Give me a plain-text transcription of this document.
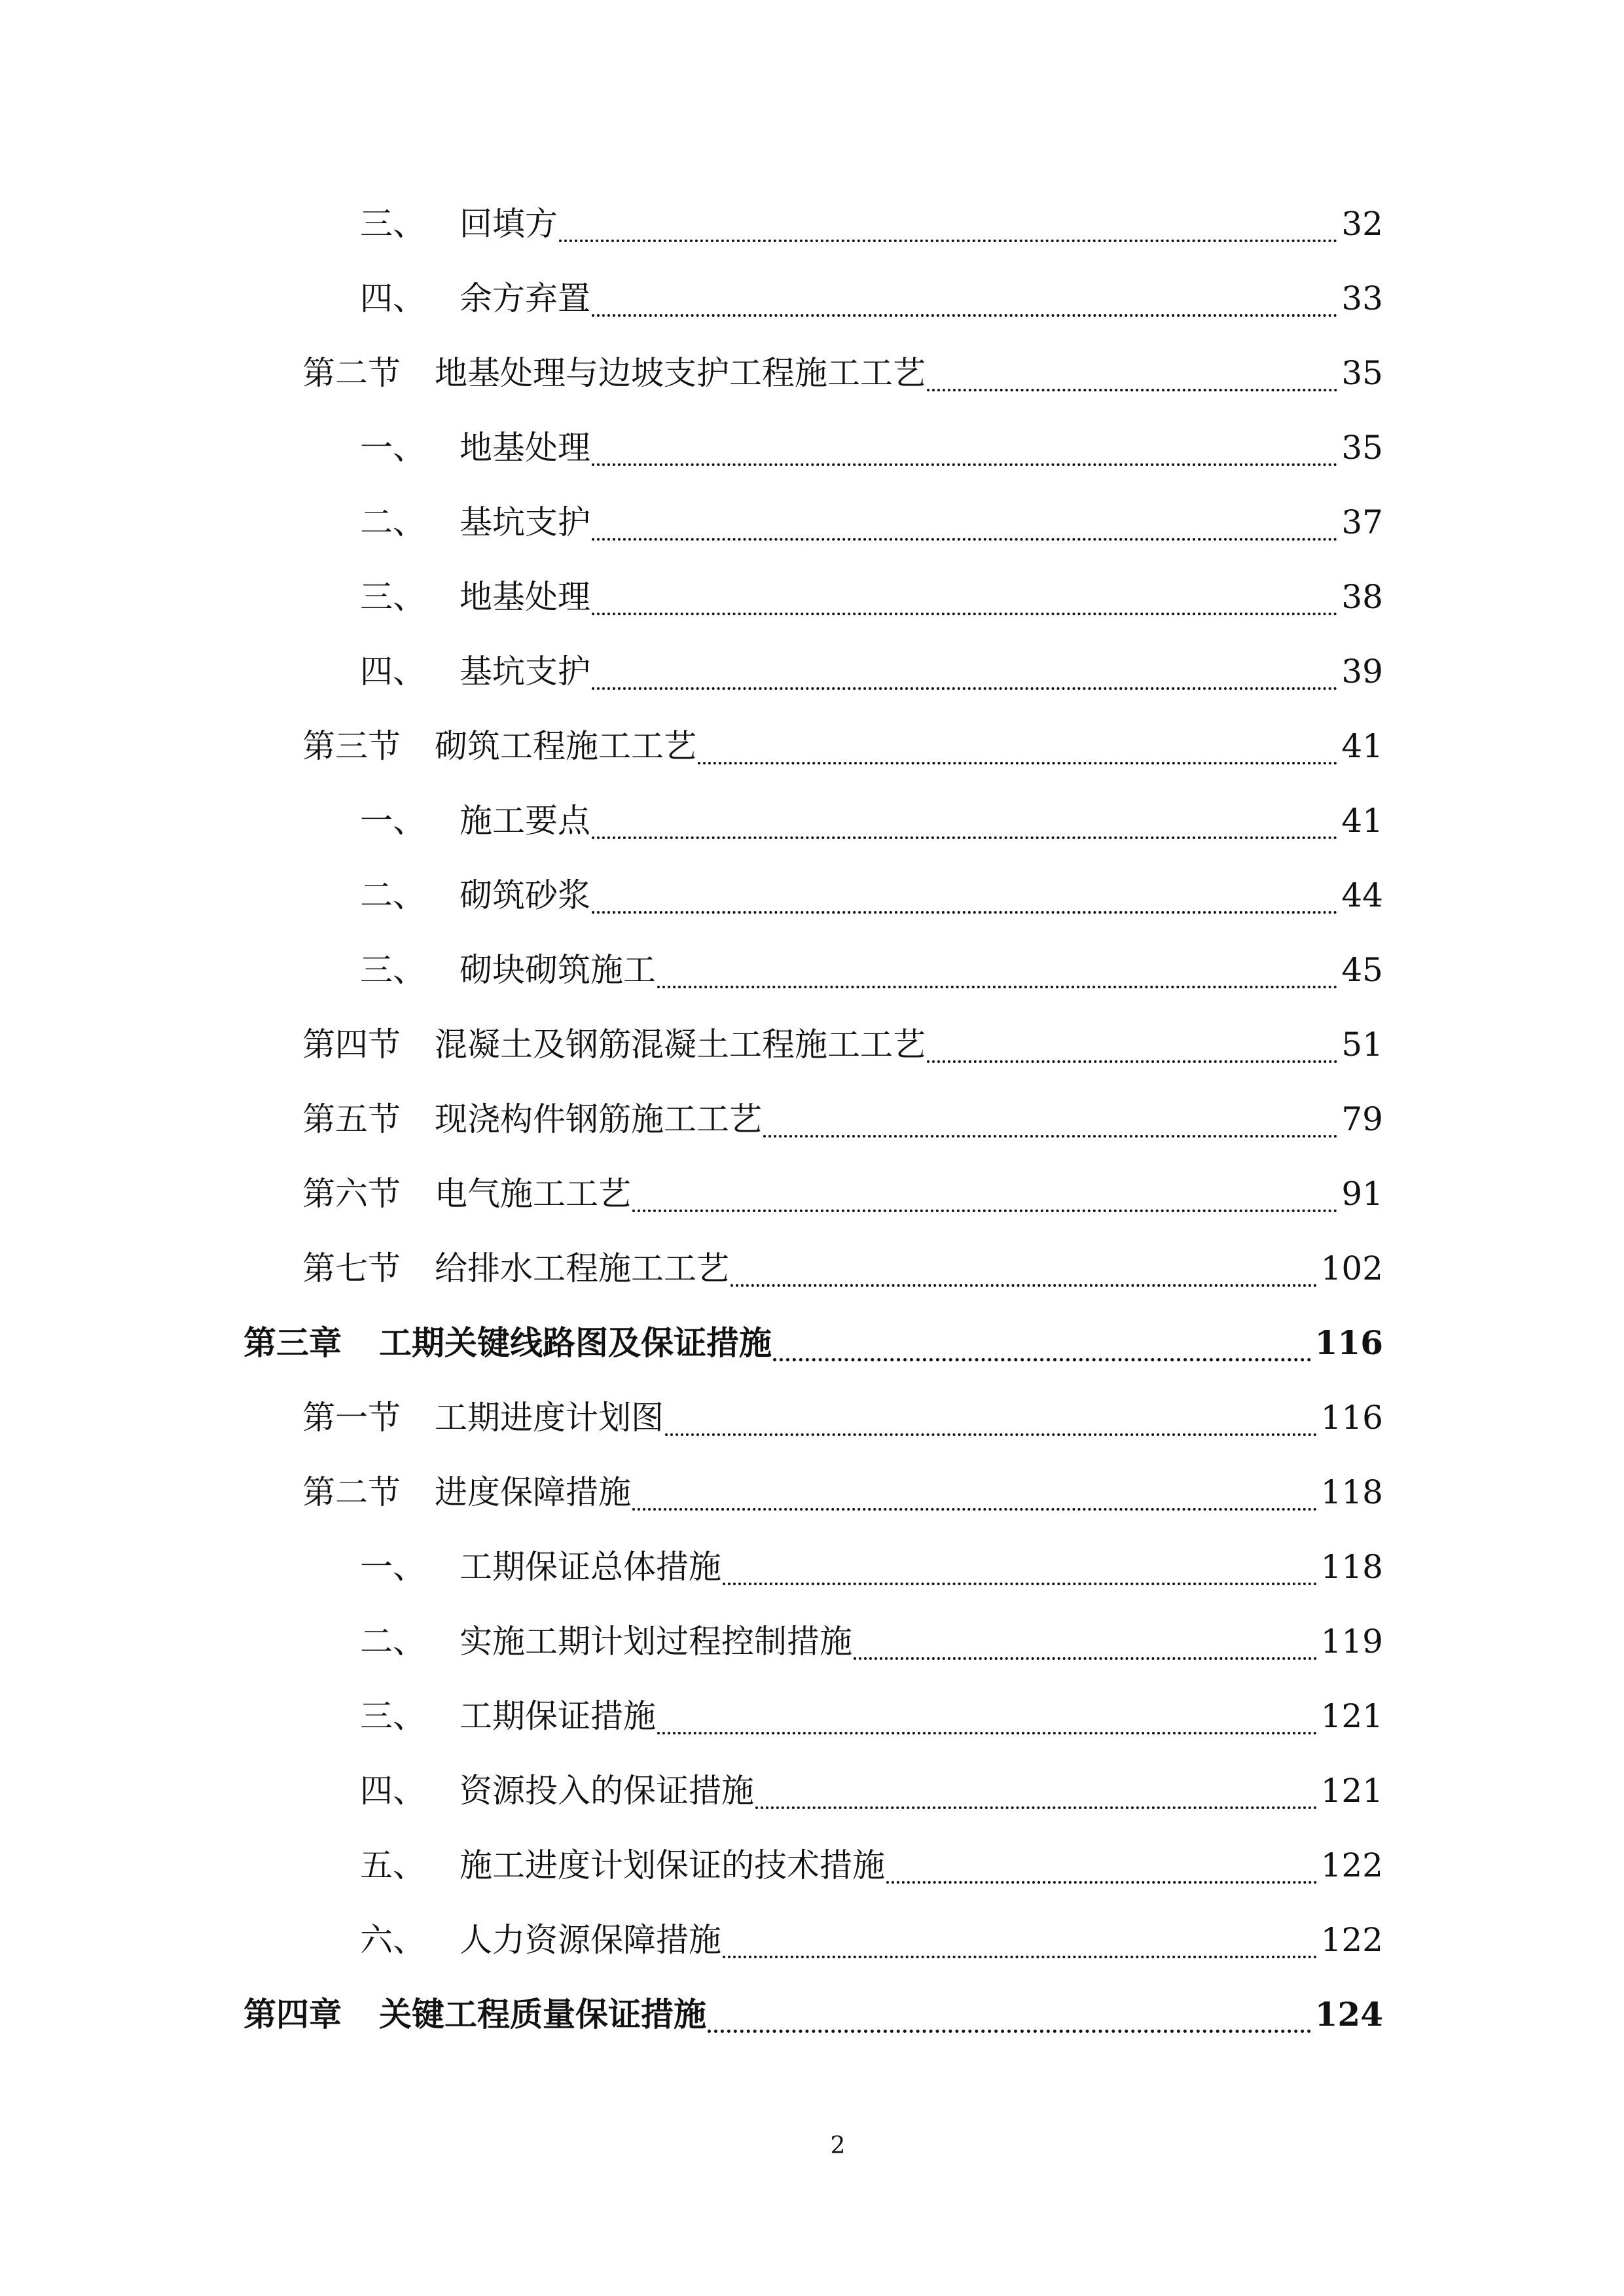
三、	回填方	32
四、	余方弃置	33
第二节	地基处理与边坡支护工程施工工艺	35
一、	地基处理	35
二、	基坑支护	37
三、	地基处理	38
四、	基坑支护	39
第三节	砌筑工程施工工艺	41
一、	施工要点	41
二、	砌筑砂浆	44
三、	砌块砌筑施工	45
第四节	混凝土及钢筋混凝土工程施工工艺	51
第五节	现浇构件钢筋施工工艺	79
第六节	电气施工工艺	91
第七节	给排水工程施工工艺	102
第三章	工期关键线路图及保证措施	116
第一节	工期进度计划图	116
第二节	进度保障措施	118
一、	工期保证总体措施	118
二、	实施工期计划过程控制措施	119
三、	工期保证措施	121
四、	资源投入的保证措施	121
五、	施工进度计划保证的技术措施	122
六、	人力资源保障措施	122
第四章	关键工程质量保证措施	124
2
